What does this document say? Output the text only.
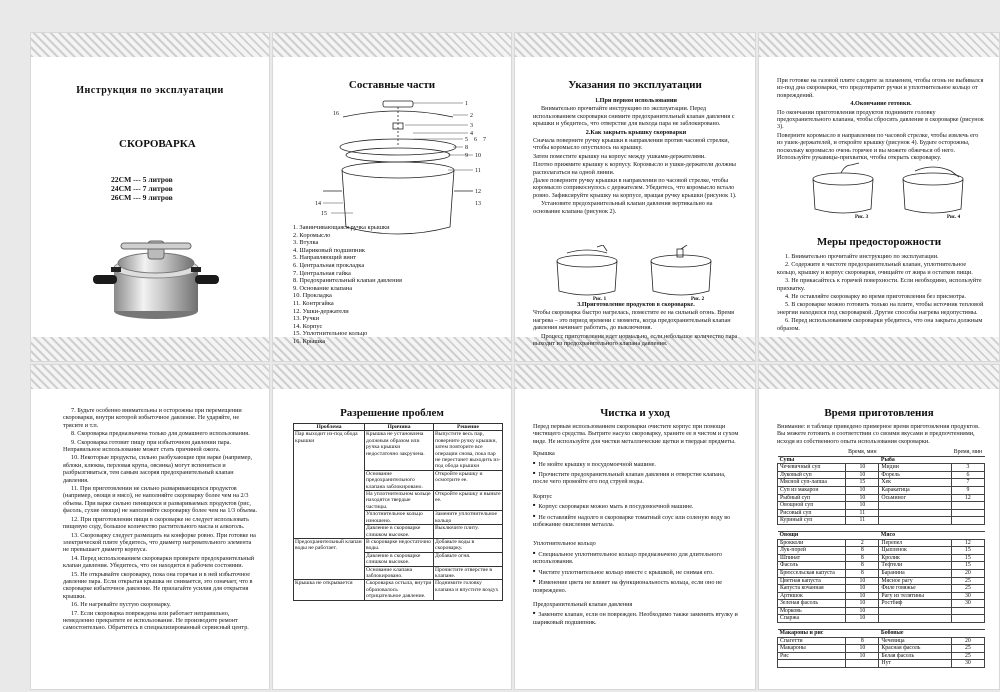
Инструкция по эксплуатации
СКОРОВАРКА
22CM --- 5 литров
24CM --- 7 литров
26CM --- 9 литров
Составные части
1
2
3
4
5 6 7
8
9 10
11
12
13
14
15
16
1. Завинчивающаяся ручка крышки
2. Коромысло
3. Втулка
4. Шариковый подшипник
5. Направляющий винт
6. Центральная прокладка
7. Центральная гайка
8. Предохранительный клапан давления
9. Основание клапана
10. Прокладка
11. Контргайка
12. Ушки-держатели
13. Ручки
14. Корпус
15. Уплотнительное кольцо
16. Крышка
Указания по эксплуатации
1.При первом использовании
Внимательно прочитайте инструкцию по эксплуатации. Перед использованием скороварки снимите предохранительный клапан давления с крышки и убедитесь, что отверстие для выхода пара не заблокировано.
2.Как закрыть крышку скороварки
Сначала поверните ручку крышки в направлении против часовой стрелки, чтобы коромысло опустилось на крышку.
Затем поместите крышку на корпус между ушками-держателями.
Плотно прижмите крышку к корпусу. Коромысло и ушки-держатели должны располагаться на одной линии.
Далее поверните ручку крышки в направлении по часовой стрелке, чтобы коромысло соприкоснулось с держателем. Убедитесь, что коромысло встало ровно. Зафиксируйте крышку на корпусе, вращая ручку крышки (рисунок 1).
Установите предохранительный клапан давления вертикально на основание клапана (рисунок 2).
Рис. 1	Рис. 2
3.Приготовление продуктов в скороварке.
Чтобы скороварка быстро нагрелась, поместите ее на сильный огонь. Время нагрева – это период времени с момента, когда предохранительный клапан давления начинает работать, до выключения.
Процесс приготовления идет нормально, если небольшое количество пара выходит из предохранительного клапана давления.
При готовке на газовой плите следите за пламенем, чтобы огонь не выбивался из-под дна скороварки, что предотвратит ручки и уплотнительное кольцо от повреждений.
4.Окончание готовки.
По окончании приготовления продуктов поднимите головку предохранительного клапана, чтобы сбросить давление в скороварке (рисунок 3).
Поверните коромысло в направлении по часовой стрелке, чтобы извлечь его из ушек-держателей, и откройте крышку (рисунок 4). Будьте осторожны, поскольку коромысло очень горячее и вы можете обжечься об него. Используйте рукавицы-прихватки, чтобы открыть скороварку.
Рис. 3	Рис. 4
Меры предосторожности
1. Внимательно прочитайте инструкцию по эксплуатации.
2. Содержите в чистоте предохранительный клапан, уплотнительное кольцо, крышку и корпус скороварки, очищайте от жира и остатков пищи.
3. Не прикасайтесь к горячей поверхности. Если необходимо, используйте прихватку.
4. Не оставляйте скороварку во время приготовления без присмотра.
5. В скороварке можно готовить только на плите, чтобы источник тепловой энергии находился под скороваркой. Другие способы нагрева недопустимы.
6. Перед использованием скороварки убедитесь, что она закрыта должным образом.
7. Будьте особенно внимательны и осторожны при перемещении скороварки, внутри которой избыточное давление. Не ударяйте, не трясите и т.п.
8. Скороварка предназначена только для домашнего использования.
9. Скороварка готовит пищу при избыточном давлении пара. Неправильное использование может стать причиной ожога.
10. Некоторые продукты, сильно разбухающие при варке (например, яблоки, клюква, перловая крупа, овсянка) могут вспениться и разбрызгиваться, тем самым засоряя предохранительный клапан давления.
11. При приготовлении не сильно разваривающихся продуктов (например, овощи и мясо), не наполняйте скороварку более чем на 2/3 объема. При варке сильно пенящихся и развариваемых продуктов (рис, фасоль, сухие овощи) не наполняйте скороварку более чем на 1/3 объема.
12. При приготовлении пищи в скороварке не следует использовать пищевую соду, большое количество растительного масла и алкоголь.
13. Скороварку следует размещать на конфорке ровно. При готовке на электрической плите убедитесь, что диаметр нагревательного элемента не превышает диаметр корпуса.
14. Перед использованием скороварки проверьте предохранительный клапан давления. Убедитесь, что он находится в рабочем состоянии.
15. Не открывайте скороварку, пока она горячая и в ней избыточное давление пара. Если открытая крышка не снимается, это означает, что в скороварке избыточное давление. Не прилагайте усилия для открытия крышки.
16. Не нагревайте пустую скороварку.
17. Если скороварка повреждена или работает неправильно, немедленно прекратите ее использование. Не производите ремонт самостоятельно. Обратитесь в специализированный сервисный центр.
Разрешение проблем
Проблема	Причина	Решение
Пар выходит из-под обода крышки	Крышка не установлена должным образом или ручка крышки недостаточно закручена.	Выпустите весь пар, поверните ручку крышки, затем повторите все операции снова, пока пар не перестанет выходить из-под обода крышки
	Основание предохранительного клапана заблокировано.	Откройте крышку и осмотрите ее.
	На уплотнительном кольце находятся твердые частицы.	Откройте крышку и выньте ее.
	Уплотнительное кольцо изношено.	Замените уплотнительное кольцо
	Давление в скороварке слишком высокое.	Выключите плиту.
Предохранительный клапан воды не работает.	В скороварке недостаточно воды.	Добавьте воды в скороварку.
	Давление в скороварке слишком высокое.	Добавьте огня.
	Основание клапана заблокировано.	Прочистите отверстие в клапане.
Крышка не открывается	Скороварка остыла, внутри образовалось отрицательное давление.	Поднимите головку клапана и впустите воздух
Чистка и уход
Перед первым использованием скороварки очистите корпус при помощи чистящего средства. Вытрите насухо скороварку, храните ее в чистом и сухом виде. Не используйте для чистки металлические щетки и твердые предметы.
Крышка
■ Не мойте крышку в посудомоечной машине.
■ Прочистите предохранительный клапан давления и отверстие клапана, после чего промойте его под струей воды.
Корпус
■ Корпус скороварки можно мыть в посудомоечной машине.
■ Не оставляйте надолго в скороварке томатный соус или соленую воду во избежание окисления металла.
Уплотнительное кольцо
■ Специальное уплотнительное кольцо предназначено для длительного использования.
■ Чистите уплотнительное кольцо вместе с крышкой, не снимая его.
■ Изменение цвета не влияет на функциональность кольца, если оно не повреждено.
Предохранительный клапан давления
■ Замените клапан, если он поврежден. Необходимо также заменить втулку и шариковый подшипник.
Время приготовления
Внимание: в таблице приведено примерное время приготовления продуктов. Вы можете готовить в соответствии со своими вкусами и предпочтениями, исходя из собственного опыта использования скороварки.
	Время, мин		Время, мин
Супы		Рыба	
Чечевичный суп	10	Мидии	3
Луковый суп	10	Форель	6
Мясной суп-лапша	15	Хек	7
Суп из макарон	10	Каракатица	9
Рыбный суп	10	Осьминог	12
Овощной суп	10		
Рисовый суп	11		
Куриный суп	11		

Овощи		Мясо	
Брокколи	2	Перепел	12
Лук-порей	8	Цыпленок	15
Шпинат	8	Кролик	15
Фасоль	8	Тефтели	15
Брюссельская капуста	8	Баранина	20
Цветная капуста	10	Мясное рагу	25
Капуста кочанная	10	Филе говяжье	25
Артишок	10	Рагу из телятины	30
Зеленая фасоль	10	Ростбиф	30
Морковь	10		
Спаржа	10		

Макароны и рис		Бобовые	
Спагетти	8	Чечевица	20
Макароны	10	Красная фасоль	25
Рис	10	Белая фасоль	25
		Нут	30
